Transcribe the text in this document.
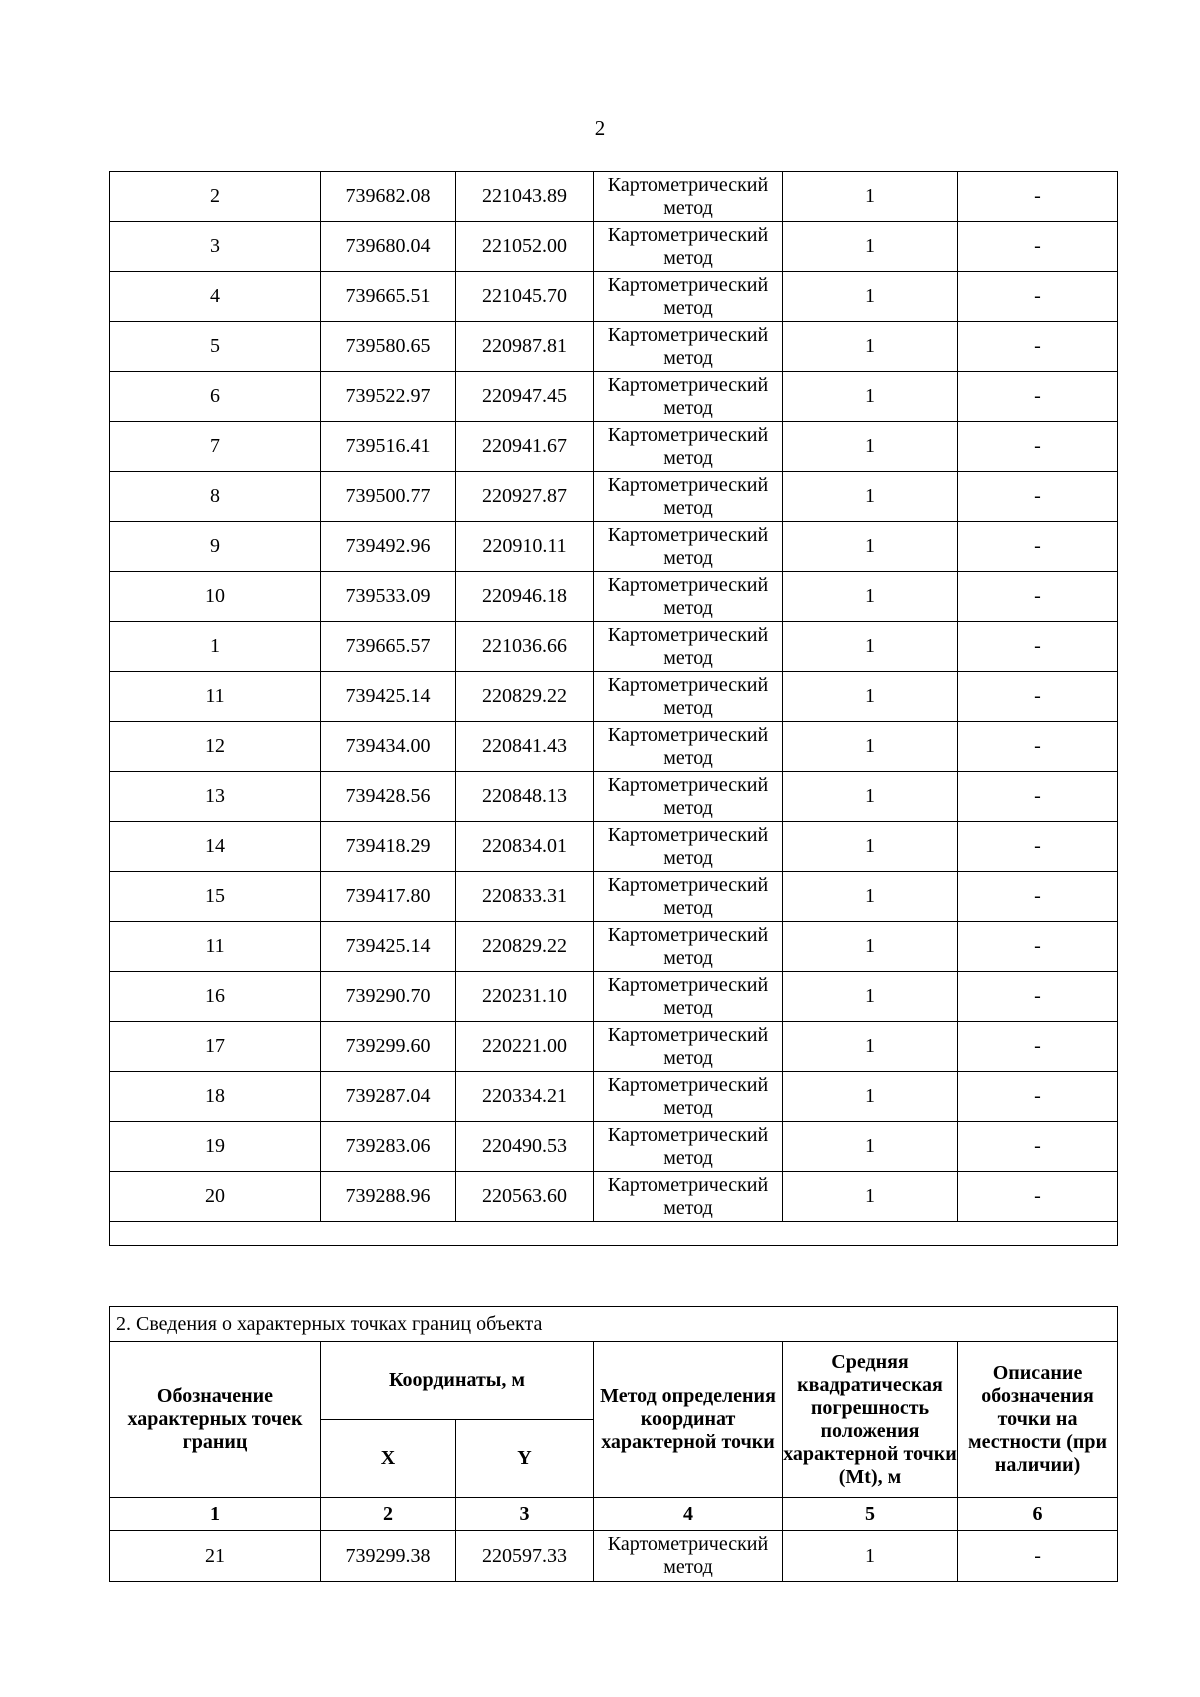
2
2	739682.08	221043.89	Картометрический метод	1	-
3	739680.04	221052.00	Картометрический метод	1	-
4	739665.51	221045.70	Картометрический метод	1	-
5	739580.65	220987.81	Картометрический метод	1	-
6	739522.97	220947.45	Картометрический метод	1	-
7	739516.41	220941.67	Картометрический метод	1	-
8	739500.77	220927.87	Картометрический метод	1	-
9	739492.96	220910.11	Картометрический метод	1	-
10	739533.09	220946.18	Картометрический метод	1	-
1	739665.57	221036.66	Картометрический метод	1	-
11	739425.14	220829.22	Картометрический метод	1	-
12	739434.00	220841.43	Картометрический метод	1	-
13	739428.56	220848.13	Картометрический метод	1	-
14	739418.29	220834.01	Картометрический метод	1	-
15	739417.80	220833.31	Картометрический метод	1	-
11	739425.14	220829.22	Картометрический метод	1	-
16	739290.70	220231.10	Картометрический метод	1	-
17	739299.60	220221.00	Картометрический метод	1	-
18	739287.04	220334.21	Картометрический метод	1	-
19	739283.06	220490.53	Картометрический метод	1	-
20	739288.96	220563.60	Картометрический метод	1	-

2. Сведения о характерных точках границ объекта					
Обозначение характерных точек границ	Координаты, м		Метод определения координат характерной точки	Средняя квадратическая погрешность положения характерной точки (Mt), м	Описание обозначения точки на местности (при наличии)
	X	Y			
1	2	3	4	5	6
21	739299.38	220597.33	Картометрический метод	1	-
